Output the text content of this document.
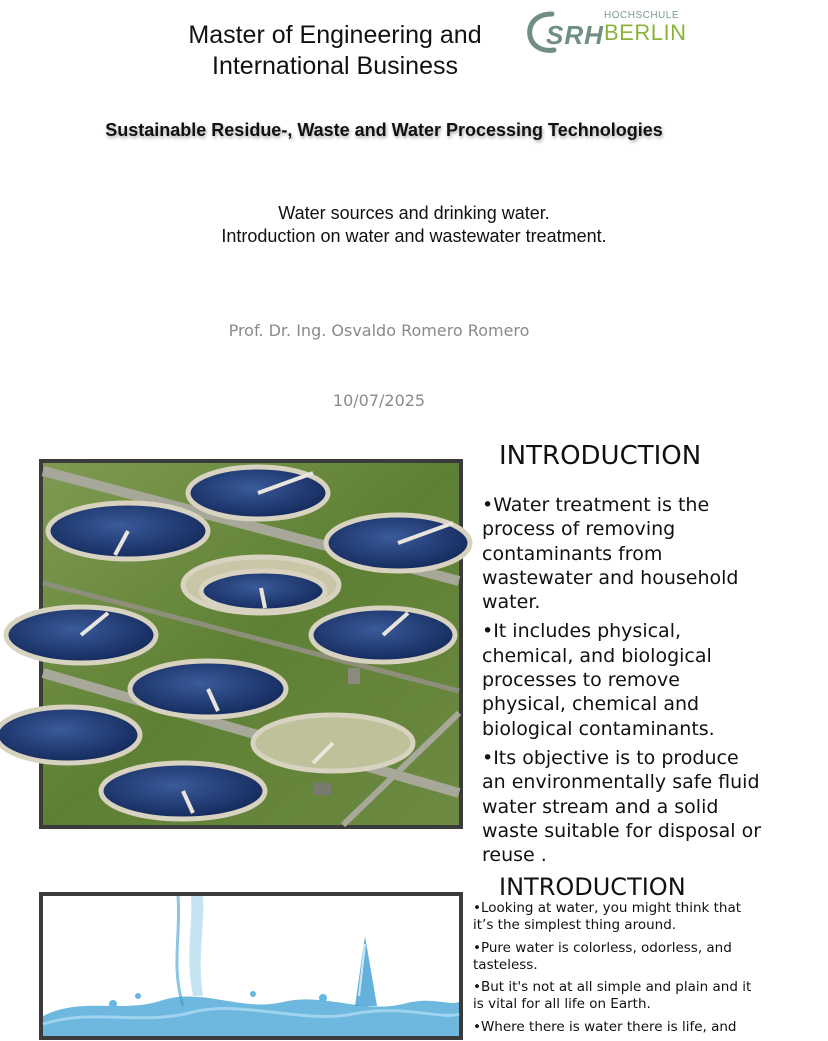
Master of Engineering and
International Business
SRH
HOCHSCHULE
BERLIN
Sustainable Residue-, Waste and Water Processing Technologies
Water sources and drinking water.
Introduction on water and wastewater treatment.
Prof. Dr. Ing. Osvaldo Romero Romero
10/07/2025
INTRODUCTION

•Water treatment is the process of removing contaminants from wastewater and household water.

•It includes physical, chemical, and biological processes to remove physical, chemical and biological contaminants.

•Its objective is to produce an environmentally safe fluid water stream and a solid waste suitable for disposal or reuse .

INTRODUCTION

•Looking at water, you might think that it’s the simplest thing around.

•Pure water is colorless, odorless, and tasteless.

•But it's not at all simple and plain and it is vital for all life on Earth.

•Where there is water there is life, and
